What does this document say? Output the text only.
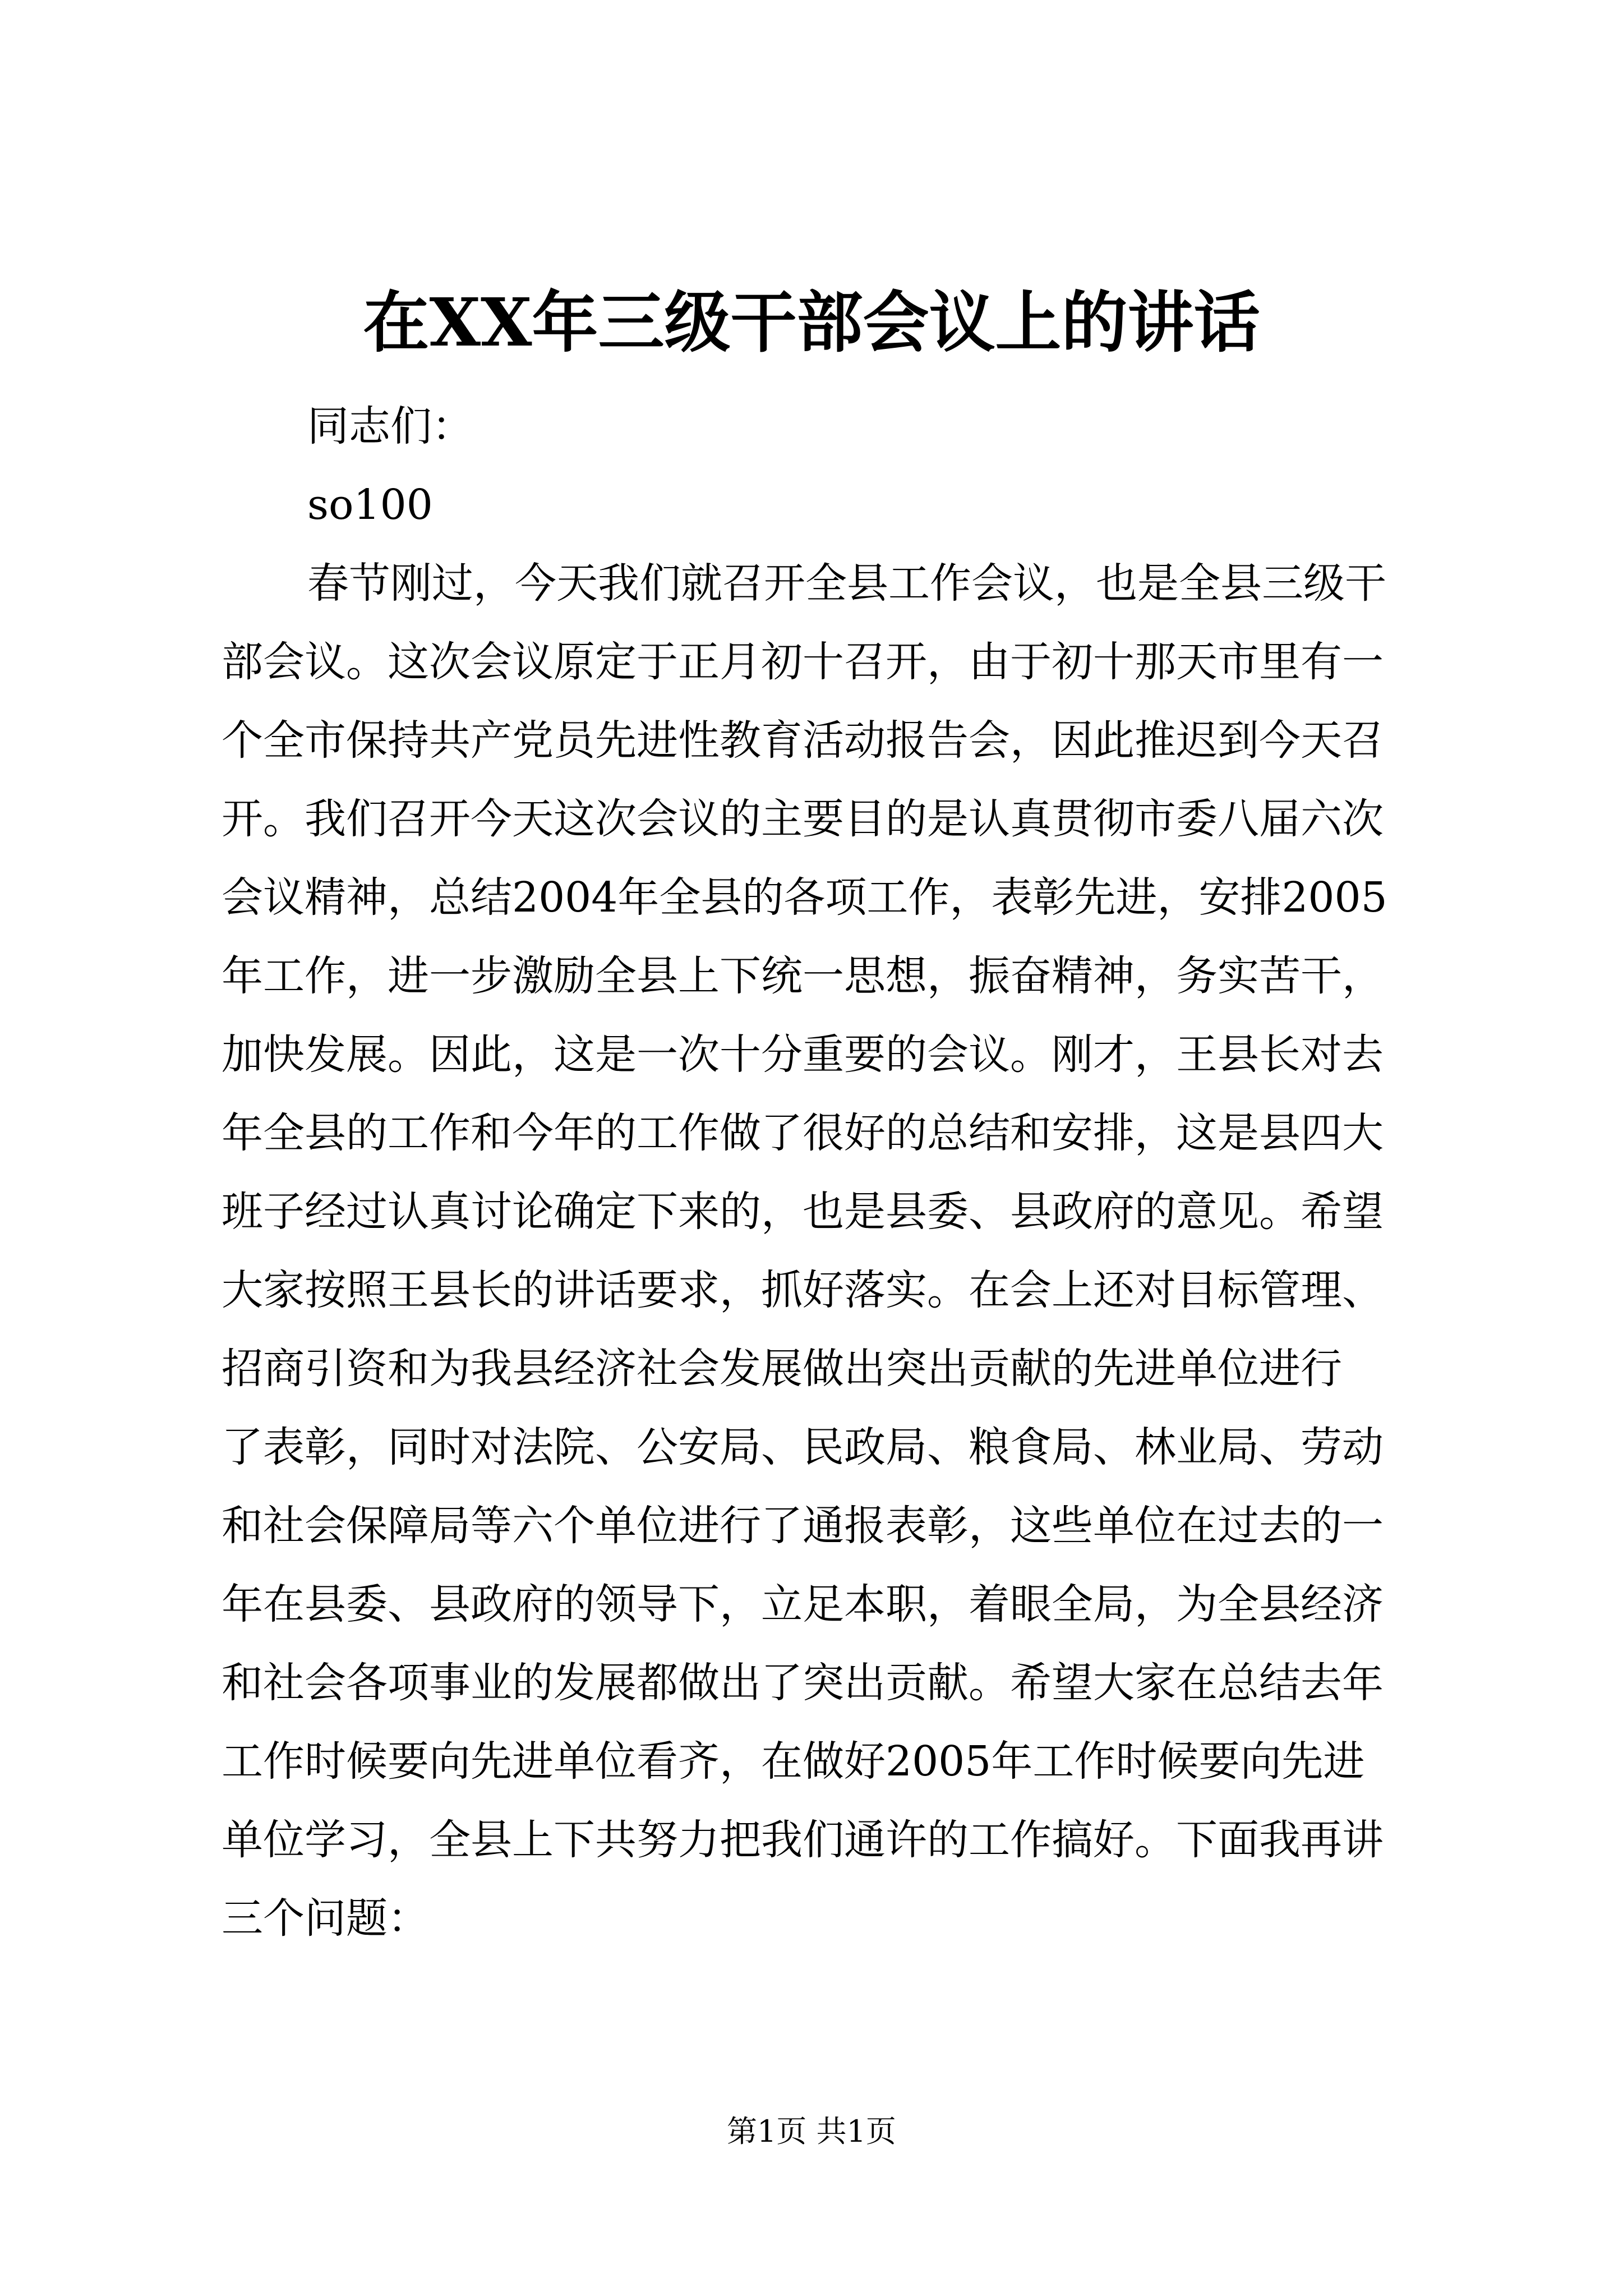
在XX年三级干部会议上的讲话
同志们：
so100
春节刚过，今天我们就召开全县工作会议，也是全县三级干
部会议。这次会议原定于正月初十召开，由于初十那天市里有一
个全市保持共产党员先进性教育活动报告会，因此推迟到今天召
开。我们召开今天这次会议的主要目的是认真贯彻市委八届六次
会议精神，总结2004年全县的各项工作，表彰先进，安排2005
年工作，进一步激励全县上下统一思想，振奋精神，务实苦干，
加快发展。因此，这是一次十分重要的会议。刚才，王县长对去
年全县的工作和今年的工作做了很好的总结和安排，这是县四大
班子经过认真讨论确定下来的，也是县委、县政府的意见。希望
大家按照王县长的讲话要求，抓好落实。在会上还对目标管理、
招商引资和为我县经济社会发展做出突出贡献的先进单位进行
了表彰，同时对法院、公安局、民政局、粮食局、林业局、劳动
和社会保障局等六个单位进行了通报表彰，这些单位在过去的一
年在县委、县政府的领导下，立足本职，着眼全局，为全县经济
和社会各项事业的发展都做出了突出贡献。希望大家在总结去年
工作时候要向先进单位看齐，在做好2005年工作时候要向先进
单位学习，全县上下共努力把我们通许的工作搞好。下面我再讲
三个问题：
第1页 共1页
